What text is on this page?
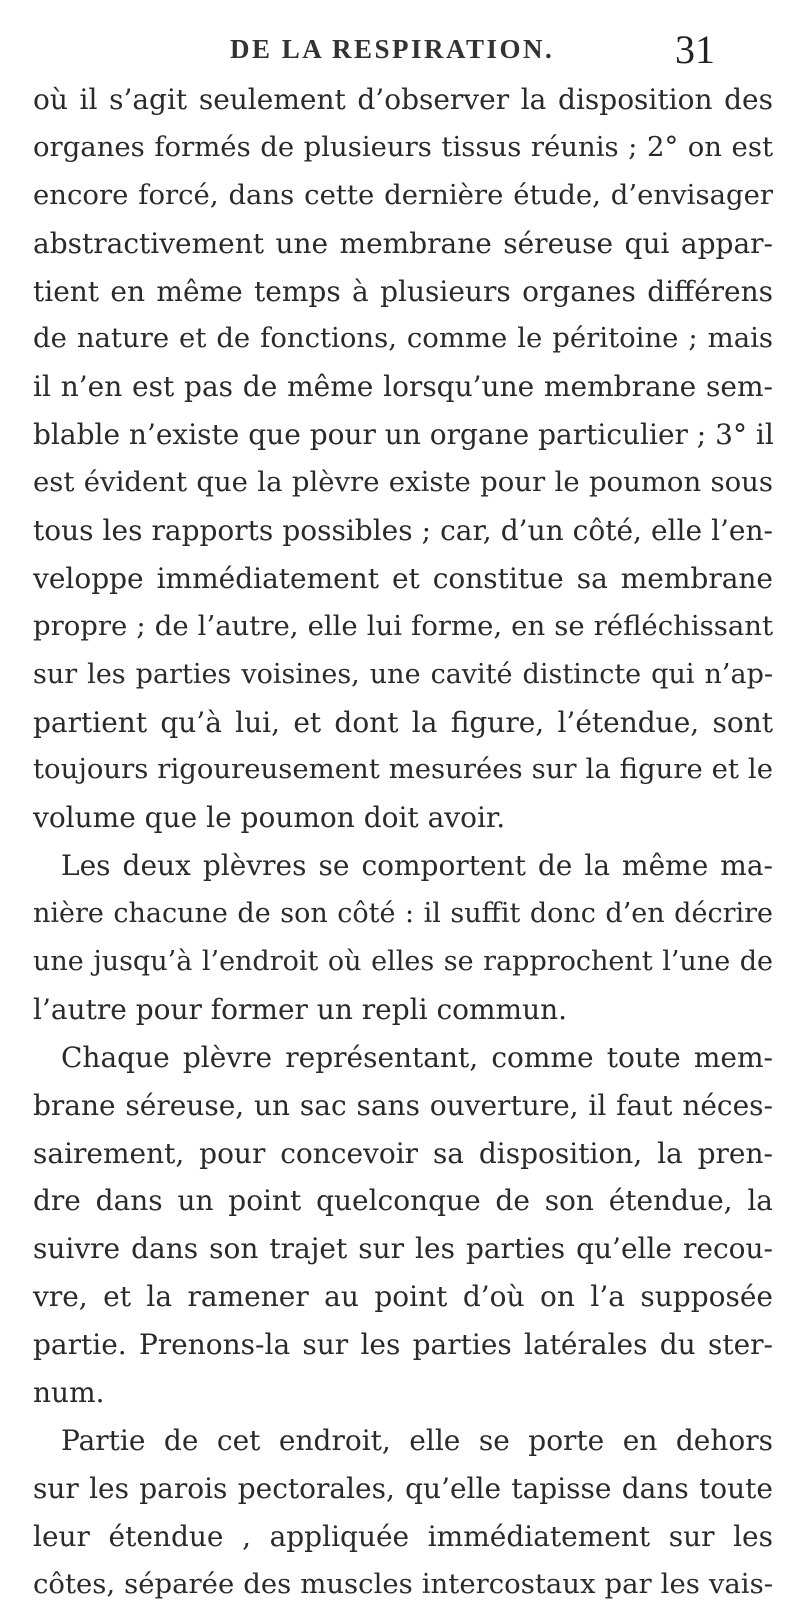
DE LA RESPIRATION.	31
où il s’agit seulement d’observer la disposition des
organes formés de plusieurs tissus réunis ; 2° on est
encore forcé, dans cette dernière étude, d’envisager
abstractivement une membrane séreuse qui appar-
tient en même temps à plusieurs organes différens
de nature et de fonctions, comme le péritoine ; mais
il n’en est pas de même lorsqu’une membrane sem-
blable n’existe que pour un organe particulier ; 3° il
est évident que la plèvre existe pour le poumon sous
tous les rapports possibles ; car, d’un côté, elle l’en-
veloppe immédiatement et constitue sa membrane
propre ; de l’autre, elle lui forme, en se réfléchissant
sur les parties voisines, une cavité distincte qui n’ap-
partient qu’à lui, et dont la figure, l’étendue, sont
toujours rigoureusement mesurées sur la figure et le
volume que le poumon doit avoir.
Les deux plèvres se comportent de la même ma-
nière chacune de son côté : il suffit donc d’en décrire
une jusqu’à l’endroit où elles se rapprochent l’une de
l’autre pour former un repli commun.
Chaque plèvre représentant, comme toute mem-
brane séreuse, un sac sans ouverture, il faut néces-
sairement, pour concevoir sa disposition, la pren-
dre dans un point quelconque de son étendue, la
suivre dans son trajet sur les parties qu’elle recou-
vre, et la ramener au point d’où on l’a supposée
partie. Prenons-la sur les parties latérales du ster-
num.
Partie de cet endroit, elle se porte en dehors
sur les parois pectorales, qu’elle tapisse dans toute
leur étendue , appliquée immédiatement sur les
côtes, séparée des muscles intercostaux par les vais-
